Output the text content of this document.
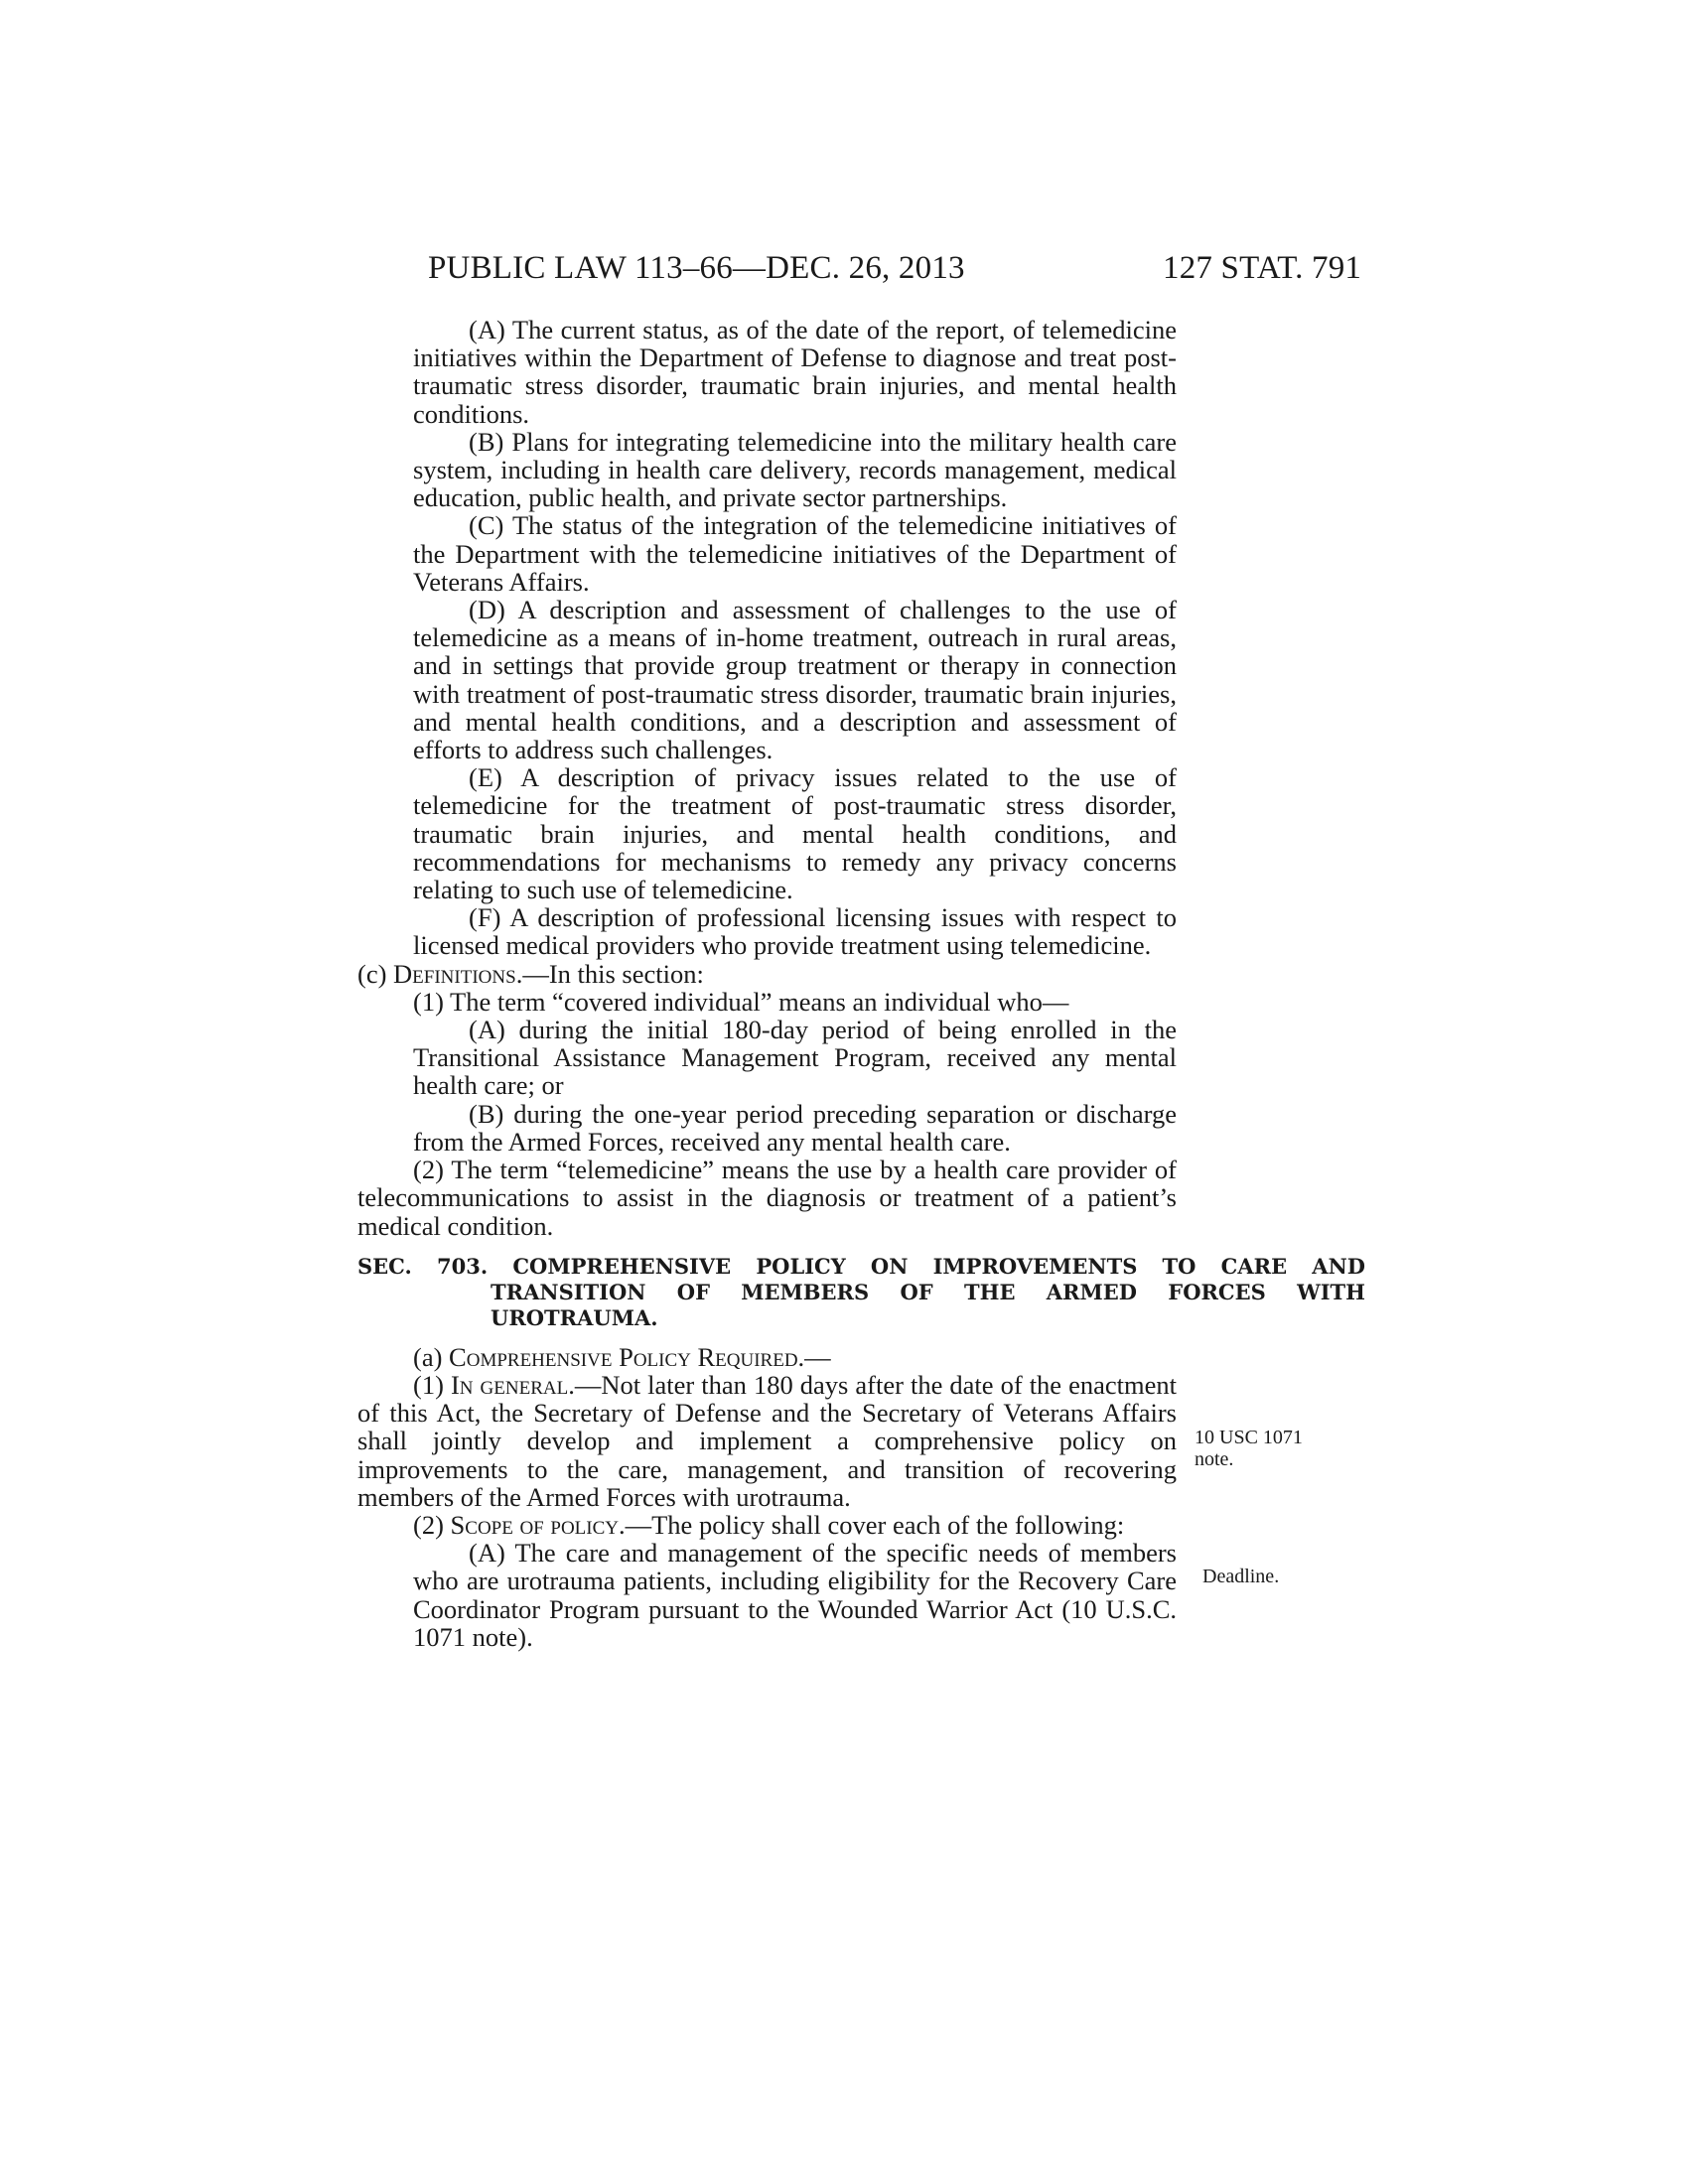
PUBLIC LAW 113–66—DEC. 26, 2013	127 STAT. 791

(A) The current status, as of the date of the report, of telemedicine initiatives within the Department of Defense to diagnose and treat post-traumatic stress disorder, traumatic brain injuries, and mental health conditions.

(B) Plans for integrating telemedicine into the military health care system, including in health care delivery, records management, medical education, public health, and private sector partnerships.

(C) The status of the integration of the telemedicine initiatives of the Department with the telemedicine initiatives of the Department of Veterans Affairs.

(D) A description and assessment of challenges to the use of telemedicine as a means of in-home treatment, outreach in rural areas, and in settings that provide group treatment or therapy in connection with treatment of post-traumatic stress disorder, traumatic brain injuries, and mental health conditions, and a description and assessment of efforts to address such challenges.

(E) A description of privacy issues related to the use of telemedicine for the treatment of post-traumatic stress disorder, traumatic brain injuries, and mental health conditions, and recommendations for mechanisms to remedy any privacy concerns relating to such use of telemedicine.

(F) A description of professional licensing issues with respect to licensed medical providers who provide treatment using telemedicine.

(c) Definitions.—In this section:

(1) The term “covered individual” means an individual who—

(A) during the initial 180-day period of being enrolled in the Transitional Assistance Management Program, received any mental health care; or

(B) during the one-year period preceding separation or discharge from the Armed Forces, received any mental health care.

(2) The term “telemedicine” means the use by a health care provider of telecommunications to assist in the diagnosis or treatment of a patient’s medical condition.

SEC. 703. COMPREHENSIVE POLICY ON IMPROVEMENTS TO CARE AND TRANSITION OF MEMBERS OF THE ARMED FORCES WITH UROTRAUMA.

(a) Comprehensive Policy Required.—

(1) In general.—Not later than 180 days after the date of the enactment of this Act, the Secretary of Defense and the Secretary of Veterans Affairs shall jointly develop and implement a comprehensive policy on improvements to the care, management, and transition of recovering members of the Armed Forces with urotrauma.

(2) Scope of policy.—The policy shall cover each of the following:

(A) The care and management of the specific needs of members who are urotrauma patients, including eligibility for the Recovery Care Coordinator Program pursuant to the Wounded Warrior Act (10 U.S.C. 1071 note).

10 USC 1071 note.
Deadline.
